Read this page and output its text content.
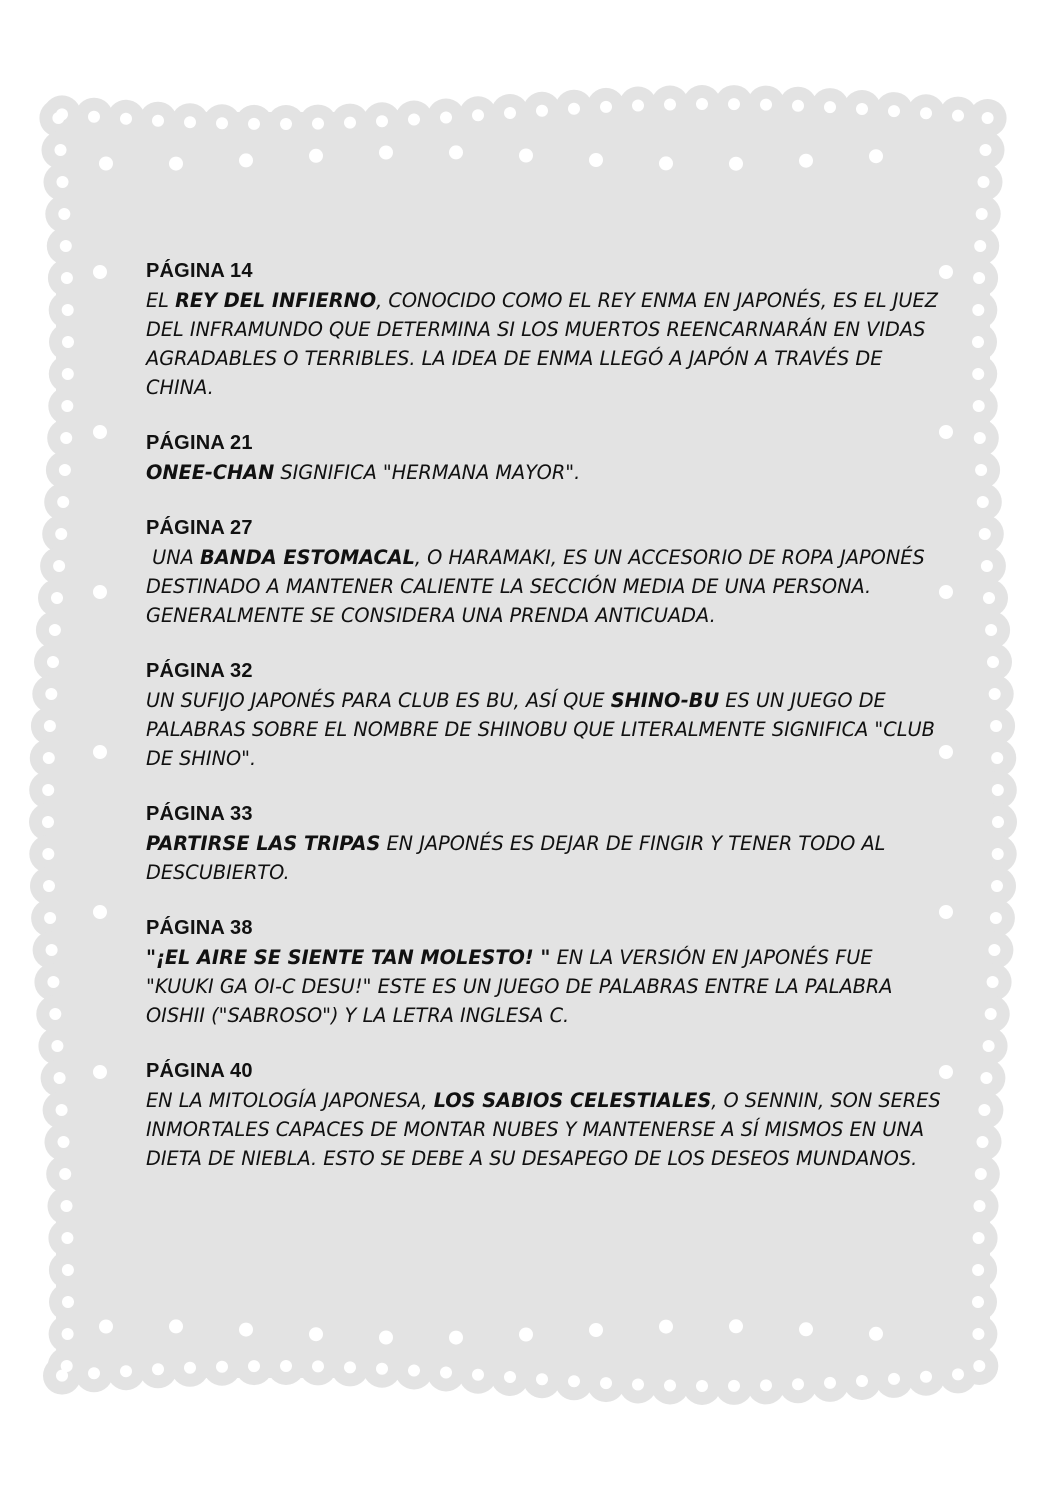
PÁGINA 14
EL REY DEL INFIERNO, CONOCIDO COMO EL REY ENMA EN JAPONÉS, ES EL JUEZ DEL INFRAMUNDO QUE DETERMINA SI LOS MUERTOS REENCARNARÁN EN VIDAS AGRADABLES O TERRIBLES. LA IDEA DE ENMA LLEGÓ A JAPÓN A TRAVÉS DE CHINA.
PÁGINA 21
ONEE-CHAN SIGNIFICA "HERMANA MAYOR".
PÁGINA 27
UNA BANDA ESTOMACAL, O HARAMAKI, ES UN ACCESORIO DE ROPA JAPONÉS DESTINADO A MANTENER CALIENTE LA SECCIÓN MEDIA DE UNA PERSONA. GENERALMENTE SE CONSIDERA UNA PRENDA ANTICUADA.
PÁGINA 32
UN SUFIJO JAPONÉS PARA CLUB ES BU, ASÍ QUE SHINO-BU ES UN JUEGO DE PALABRAS SOBRE EL NOMBRE DE SHINOBU QUE LITERALMENTE SIGNIFICA "CLUB DE SHINO".
PÁGINA 33
PARTIRSE LAS TRIPAS EN JAPONÉS ES DEJAR DE FINGIR Y TENER TODO AL DESCUBIERTO.
PÁGINA 38
"¡EL AIRE SE SIENTE TAN MOLESTO! " EN LA VERSIÓN EN JAPONÉS FUE "KUUKI GA OI-C DESU!" ESTE ES UN JUEGO DE PALABRAS ENTRE LA PALABRA OISHII ("SABROSO") Y LA LETRA INGLESA C.
PÁGINA 40
EN LA MITOLOGÍA JAPONESA, LOS SABIOS CELESTIALES, O SENNIN, SON SERES INMORTALES CAPACES DE MONTAR NUBES Y MANTENERSE A SÍ MISMOS EN UNA DIETA DE NIEBLA. ESTO SE DEBE A SU DESAPEGO DE LOS DESEOS MUNDANOS.
